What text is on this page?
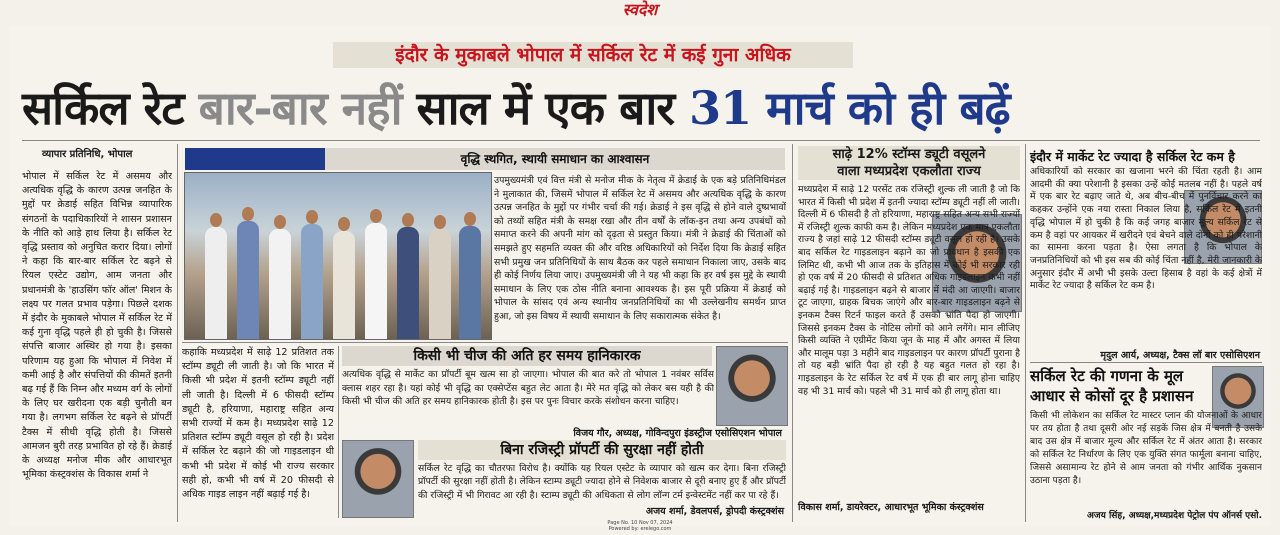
स्वदेश
इंदौर के मुकाबले भोपाल में सर्किल रेट में कई गुना अधिक
सर्किल रेट बार-बार नहीं साल में एक बार 31 मार्च को ही बढ़ें
व्यापार प्रतिनिधि, भोपाल
भोपाल में सर्किल रेट में असमय और अत्यधिक वृद्धि के कारण उत्पन्न जनहित के मुद्दों पर क्रेडाई सहित विभिन्न व्यापारिक संगठनों के पदाधिकारियों ने शासन प्रशासन के नीति को आड़े हाथ लिया है। सर्किल रेट वृद्धि प्रस्ताव को अनुचित करार दिया। लोगों ने कहा कि बार-बार सर्किल रेट बढ़ने से रियल एस्टेट उद्योग, आम जनता और प्रधानमंत्री के 'हाउसिंग फॉर ऑल' मिशन के लक्ष्य पर गलत प्रभाव पड़ेगा। पिछले दशक में इंदौर के मुकाबले भोपाल में सर्किल रेट में कई गुना वृद्धि पहले ही हो चुकी है। जिससे संपत्ति बाजार अस्थिर हो गया है। इसका परिणाम यह हुआ कि भोपाल में निवेश में कमी आई है और संपत्तियों की कीमतें इतनी बढ़ गई हैं कि निम्न और मध्यम वर्ग के लोगों के लिए घर खरीदना एक बड़ी चुनौती बन गया है। लगभग सर्किल रेट बढ़ने से प्रॉपर्टी टैक्स में सीधी वृद्धि होती है। जिससे आमजन बुरी तरह प्रभावित हो रहे हैं। क्रेडाई के अध्यक्ष मनोज मीक और आधारभूत भूमिका कंस्ट्रक्शंस के विकास शर्मा ने
वृद्धि स्थगित, स्थायी समाधान का आश्वासन
उपमुख्यमंत्री एवं वित्त मंत्री से मनोज मीक के नेतृत्व में क्रेडाई के एक बड़े प्रतिनिधिमंडल ने मुलाकात की, जिसमें भोपाल में सर्किल रेट में असमय और अत्यधिक वृद्धि के कारण उत्पन्न जनहित के मुद्दों पर गंभीर चर्चा की गई। क्रेडाई ने इस वृद्धि से होने वाले दुष्प्रभावों को तथ्यों सहित मंत्री के समक्ष रखा और तीन वर्षों के लॉक-इन तथा अन्य उपबंधों को समाप्त करने की अपनी मांग को दृढ़ता से प्रस्तुत किया। मंत्री ने क्रेडाई की चिंताओं को समझते हुए सहमति व्यक्त की और वरिष्ठ अधिकारियों को निर्देश दिया कि क्रेडाई सहित सभी प्रमुख जन प्रतिनिधियों के साथ बैठक कर पहले समाधान निकाला जाए, उसके बाद ही कोई निर्णय लिया जाए। उपमुख्यमंत्री जी ने यह भी कहा कि हर वर्ष इस मुद्दे के स्थायी समाधान के लिए एक ठोस नीति बनाना आवश्यक है। इस पूरी प्रक्रिया में क्रेडाई को भोपाल के सांसद एवं अन्य स्थानीय जनप्रतिनिधियों का भी उल्लेखनीय समर्थन प्राप्त हुआ, जो इस विषय में स्थायी समाधान के लिए सकारात्मक संकेत है।
कहाकि मध्यप्रदेश में साढ़े 12 प्रतिशत तक स्टॉम्प ड्यूटी ली जाती है। जो कि भारत में किसी भी प्रदेश में इतनी स्टॉम्प ड्यूटी नहीं ली जाती है। दिल्ली में 6 फीसदी स्टॉम्प ड्यूटी है, हरियाणा, महाराष्ट्र सहित अन्य सभी राज्यों में कम है। मध्यप्रदेश साढ़े 12 प्रतिशत स्टॉम्प ड्यूटी वसूल हो रही है। प्रदेश में सर्किल रेट बढ़ाने की जो गाइडलाइन थी कभी भी प्रदेश में कोई भी राज्य सरकार सही हो, कभी भी वर्ष में 20 फीसदी से अधिक गाइड लाइन नहीं बढ़ाई गई है।
किसी भी चीज की अति हर समय हानिकारक
अत्यधिक वृद्धि से मार्केट का प्रॉपर्टी बूम खत्म सा हो जाएगा। भोपाल की बात करे तो भोपाल 1 नवंबर सर्विस क्लास शहर रहा है। यहां कोई भी वृद्धि का एक्सेप्टेंस बहुत लेट आता है। मेरे मत वृद्धि को लेकर बस यही है की किसी भी चीज की अति हर समय हानिकारक होती है। इस पर पुनः विचार करके संशोधन करना चाहिए।
विजय गौर, अध्यक्ष, गोविन्दपुरा इंडस्ट्रीज एसोसिएशन भोपाल
बिना रजिस्ट्री प्रॉपर्टी की सुरक्षा नहीं होती
सर्किल रेट वृद्धि का चौतरफा विरोध है। क्योंकि यह रियल एस्टेट के व्यापार को खत्म कर देगा। बिना रजिस्ट्री प्रॉपर्टी की सुरक्षा नहीं होती है। लेकिन स्टाम्प ड्यूटी ज्यादा होने से निवेशक बाजार से दूरी बनाए हुए हैं और प्रॉपर्टी की रजिस्ट्री में भी गिरावट आ रही है। स्टाम्प ड्यूटी की अधिकता से लोग लॉन्ग टर्म इन्वेस्टमेंट नहीं कर पा रहे हैं।
अजय शर्मा, डेवलपर्स, ड्रोपदी कंस्ट्रक्शंस
Page No. 10 Nov 07, 2024
Powered by: erelego.com
साढ़े 12% स्टॉम्स ड्यूटी वसूलने
वाला मध्यप्रदेश एकलौता राज्य
मध्यप्रदेश में साढ़े 12 परसेंट तक रजिस्ट्री शुल्क ली जाती है जो कि भारत में किसी भी प्रदेश में इतनी ज्यादा स्टॉम्प ड्यूटी नहीं ली जाती। दिल्ली में 6 फीसदी है तो हरियाणा, महाराष्ट्र सहित अन्य सभी राज्यों में रजिस्ट्री शुल्क काफी कम है। लेकिन मध्यप्रदेश एक मात्र एकलौता राज्य है जहां साढ़े 12 फीसदी स्टॉम्स ड्यूटी वसूल हो रही है। उसके बाद सर्किल रेट गाइडलाइन बढ़ाने का जो प्रावधान है इसकी एक लिमिट थी, कभी भी आज तक के इतिहास में कोई भी सरकार रही हो एक वर्ष में 20 फीसदी से प्रतिशत अधिक गाइडलाइन कभी नहीं बढ़ाई गई है। गाइडलाइन बढ़ने से बाजार में मंदी आ जाएगी। बाजार टूट जाएगा, ग्राहक बिचक जाएंगे और बार-बार गाइडलाइन बढ़ने से इनकम टैक्स रिटर्न फाइल करते हैं उसको भ्रांति पैदा हो जाएगी। जिससे इनकम टैक्स के नोटिस लोगों को आने लगेंगे। मान लीजिए किसी व्यक्ति ने एग्रीमेंट किया जून के माह में और अगस्त में लिया और मालूम पड़ा 3 महीने बाद गाइडलाइन पर कारण प्रॉपर्टी पुराना है तो यह बड़ी भ्रांति पैदा हो रही है यह बहुत गलत हो रहा है। गाइडलाइन के रेट सर्किल रेट वर्ष में एक ही बार लागू होना चाहिए वह भी 31 मार्च को। पहले भी 31 मार्च को ही लागू होता था।
विकास शर्मा, डायरेक्टर, आधारभूत भूमिका कंस्ट्रक्शंस
इंदौर में मार्केट रेट ज्यादा है सर्किल रेट कम है
अधिकारियों को सरकार का खजाना भरने की चिंता रहती है। आम आदमी की क्या परेशानी है इसका उन्हें कोई मतलब नहीं है। पहले वर्ष में एक बार रेट बढ़ाए जाते थे, अब बीच-बीच में पुनर्विचार करने का कहकर उन्होंने एक नया रास्ता निकाल लिया है, सर्किल रेट में इतनी वृद्धि भोपाल में हो चुकी है कि कई जगह बाजार मूल्य सर्किल रेट से कम है वहां पर आयकर में खरीदने एवं बेचने वाले दोनों को ही परेशानी का सामना करना पड़ता है। ऐसा लगता है कि भोपाल के जनप्रतिनिधियों को भी इस सब की कोई चिंता नहीं है, मेरी जानकारी के अनुसार इंदौर में अभी भी इसके उल्टा हिसाब है वहां के कई क्षेत्रों में मार्केट रेट ज्यादा है सर्किल रेट कम है।
मृदुल आर्य, अध्यक्ष, टैक्स लॉ बार एसोसिएशन
सर्किल रेट की गणना के मूल
आधार से कोसों दूर है प्रशासन
किसी भी लोकेशन का सर्किल रेट मास्टर प्लान की योजनाओं के आधार पर तय होता है तथा दूसरी ओर नई सड़कें जिस क्षेत्र में बनती है उसके बाद उस क्षेत्र में बाजार मूल्य और सर्किल रेट में अंतर आता है। सरकार को सर्किल रेट निर्धारण के लिए एक युक्ति संगत फार्मूला बनाना चाहिए, जिससे असामान्य रेट होने से आम जनता को गंभीर आर्थिक नुकसान उठाना पड़ता है।
अजय सिंह, अध्यक्ष,मध्यप्रदेश पेट्रोल पंप ऑनर्स एसो.
